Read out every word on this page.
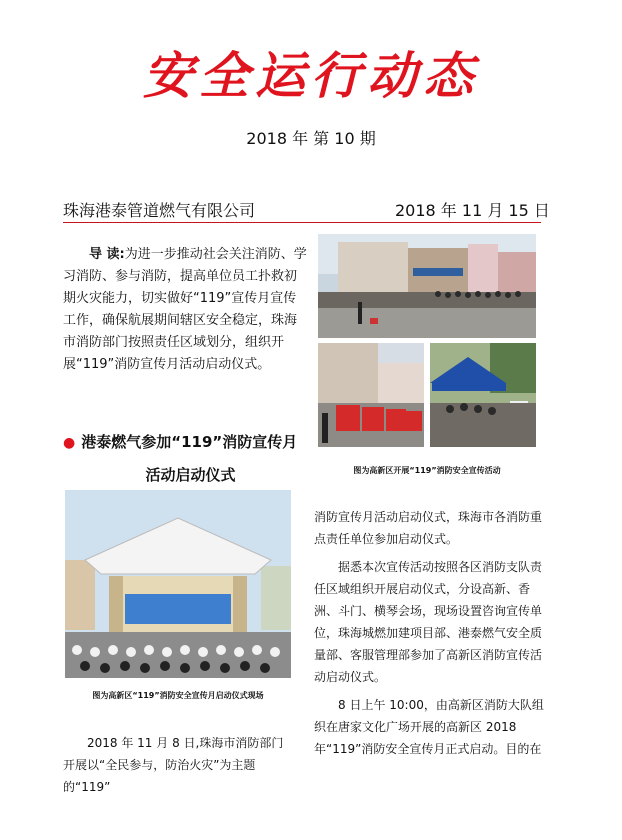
安全运行动态
2018 年 第 10 期
珠海港泰管道燃气有限公司	2018 年 11 月 15 日
导 读:为进一步推动社会关注消防、学习消防、参与消防，提高单位员工扑救初期火灾能力，切实做好“119”宣传月宣传工作，确保航展期间辖区安全稳定，珠海市消防部门按照责任区域划分，组织开展“119”消防宣传月活动启动仪式。
● 港泰燃气参加“119”消防宣传月
活动启动仪式	图为高新区开展“119”消防安全宣传活动
图为高新区“119”消防安全宣传月启动仪式现场

2018 年 11 月 8 日,珠海市消防部门开展以“全民参与，防治火灾”为主题的“119”

消防宣传月活动启动仪式，珠海市各消防重点责任单位参加启动仪式。

据悉本次宣传活动按照各区消防支队责任区域组织开展启动仪式，分设高新、香洲、斗门、横琴会场，现场设置咨询宣传单位，珠海城燃加建项目部、港泰燃气安全质量部、客服管理部参加了高新区消防宣传活动启动仪式。

8 日上午 10:00，由高新区消防大队组织在唐家文化广场开展的高新区 2018 年“119”消防安全宣传月正式启动。目的在
